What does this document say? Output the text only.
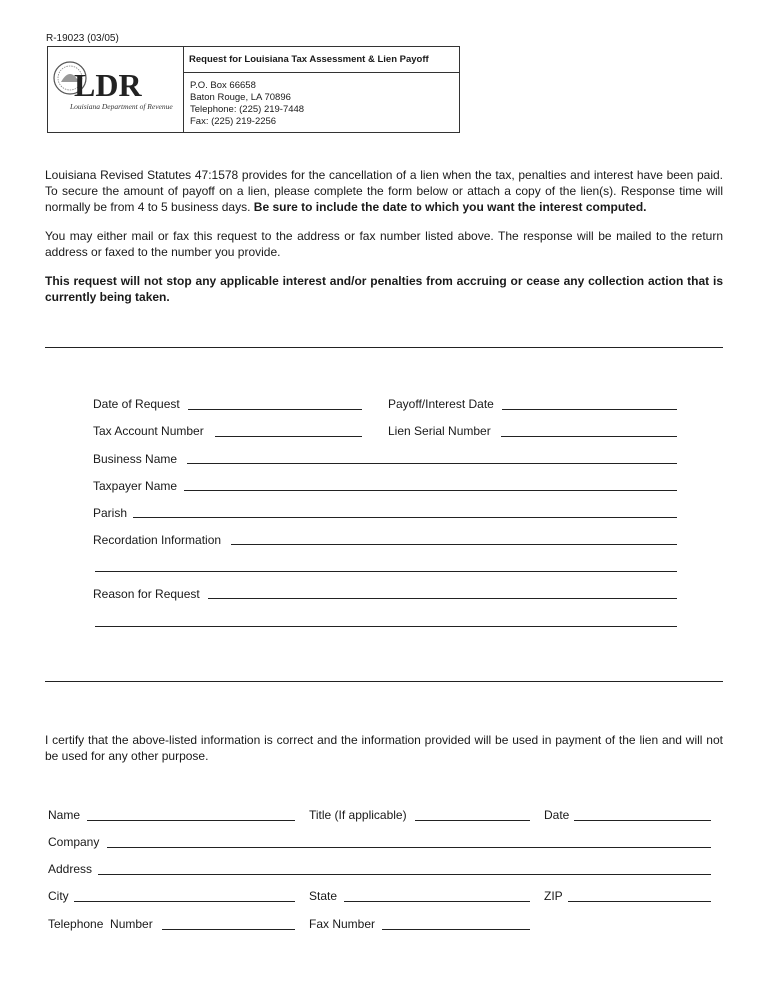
R-19023 (03/05)
Request for Louisiana Tax Assessment & Lien Payoff
LDR
Louisiana Department of Revenue
P.O. Box 66658
Baton Rouge, LA 70896
Telephone: (225) 219-7448
Fax: (225) 219-2256
Louisiana Revised Statutes 47:1578 provides for the cancellation of a lien when the tax, penalties and interest have been paid. To secure the amount of payoff on a lien, please complete the form below or attach a copy of the lien(s). Response time will normally be from 4 to 5 business days. Be sure to include the date to which you want the interest computed.
You may either mail or fax this request to the address or fax number listed above. The response will be mailed to the return address or faxed to the number you provide.
This request will not stop any applicable interest and/or penalties from accruing or cease any collection action that is currently being taken.
Date of Request	Payoff/Interest Date
Tax Account Number	Lien Serial Number
Business Name
Taxpayer Name
Parish
Recordation Information
Reason for Request
I certify that the above-listed information is correct and the information provided will be used in payment of the lien and will not be used for any other purpose.
Name	Title (If applicable)	Date
Company
Address
City	State	ZIP
Telephone  Number	Fax Number
